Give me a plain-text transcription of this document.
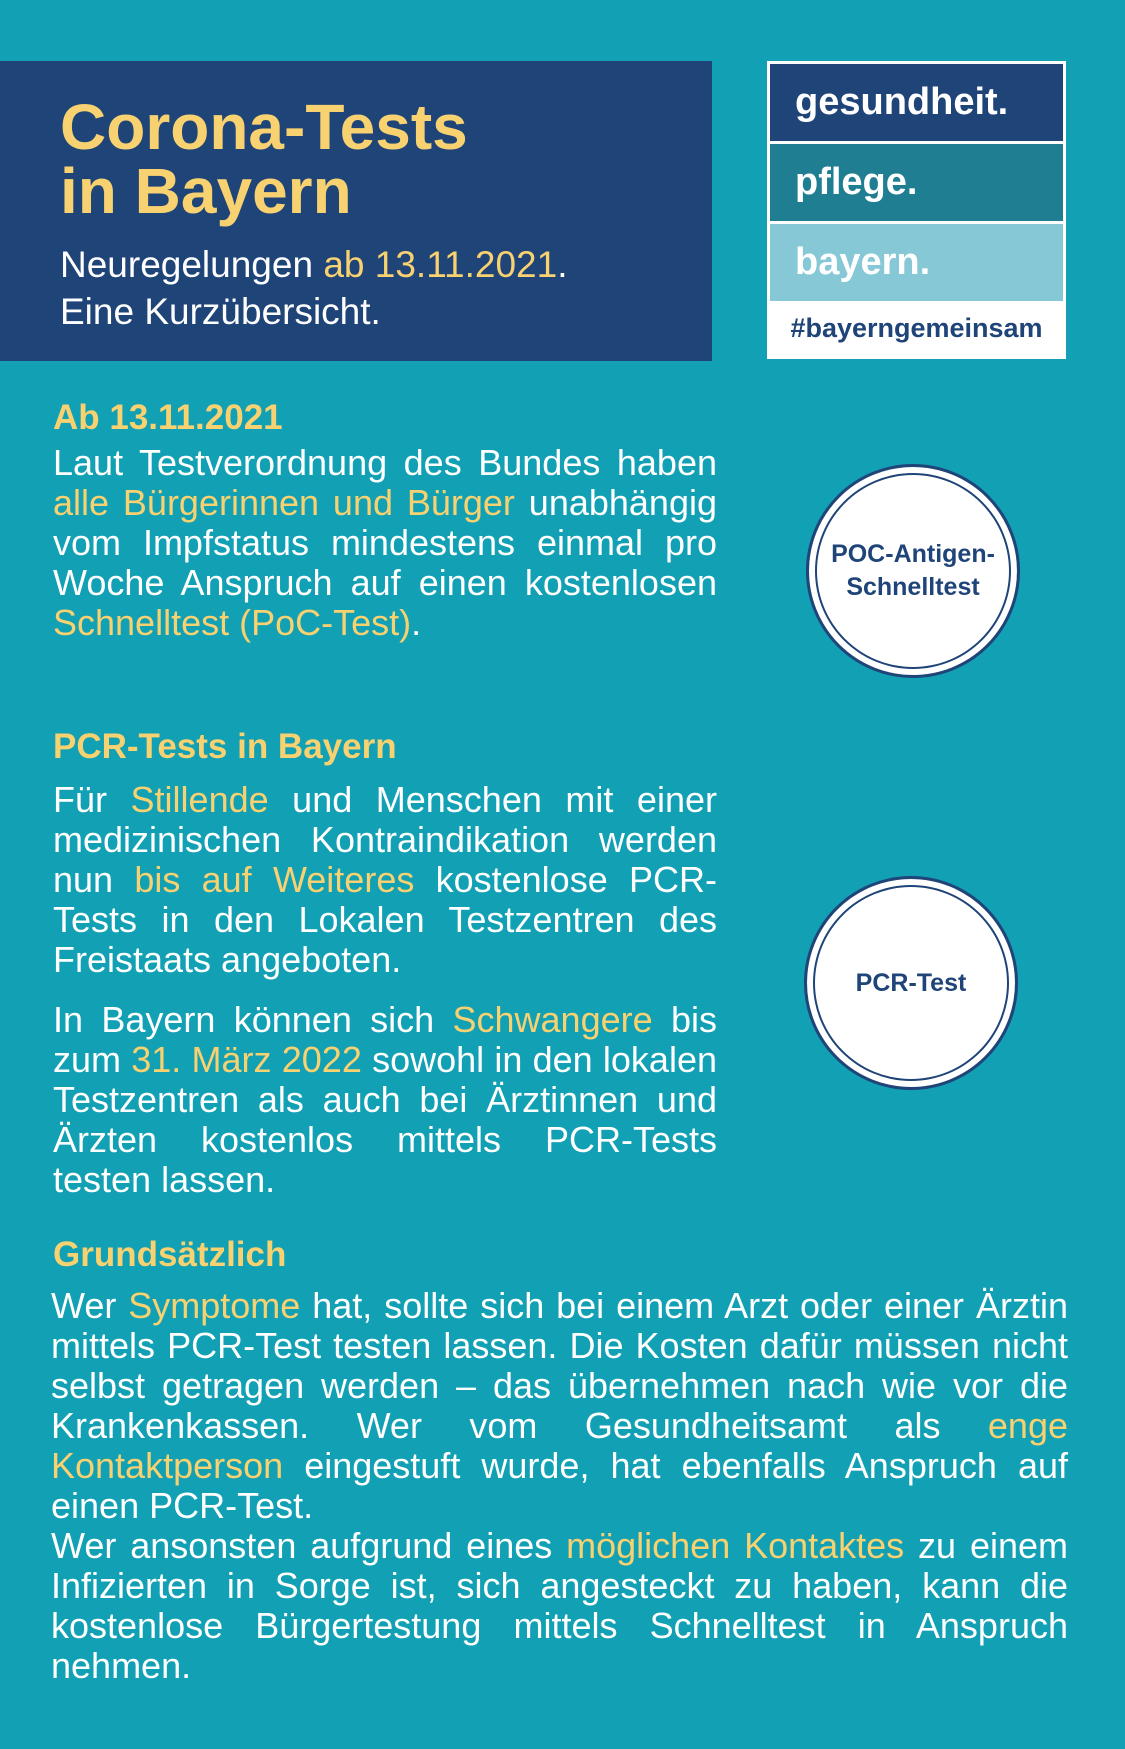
Corona-Tests
in Bayern

Neuregelungen ab 13.11.2021.
Eine Kurzübersicht.

gesundheit.
pflege.
bayern.
#bayerngemeinsam
Ab 13.11.2021

Laut Testverordnung des Bundes haben alle Bürgerinnen und Bürger unabhängig vom Impfstatus mindestens einmal pro Woche Anspruch auf einen kostenlosen Schnelltest (PoC-Test).

POC-Antigen-
Schnelltest
PCR-Tests in Bayern

Für Stillende und Menschen mit einer medizinischen Kontraindikation werden nun bis auf Weiteres kostenlose PCR-Tests in den Lokalen Testzentren des Freistaats angeboten.

In Bayern können sich Schwangere bis zum 31. März 2022 sowohl in den lokalen Testzentren als auch bei Ärztinnen und Ärzten kostenlos mittels PCR-Tests testen lassen.

PCR-Test
Grundsätzlich

Wer Symptome hat, sollte sich bei einem Arzt oder einer Ärztin mittels PCR-Test testen lassen. Die Kosten dafür müssen nicht selbst getragen werden – das übernehmen nach wie vor die Krankenkassen. Wer vom Gesundheitsamt als enge Kontaktperson eingestuft wurde, hat ebenfalls Anspruch auf einen PCR-Test.

Wer ansonsten aufgrund eines möglichen Kontaktes zu einem Infizierten in Sorge ist, sich angesteckt zu haben, kann die kostenlose Bürgertestung mittels Schnelltest in Anspruch nehmen.
